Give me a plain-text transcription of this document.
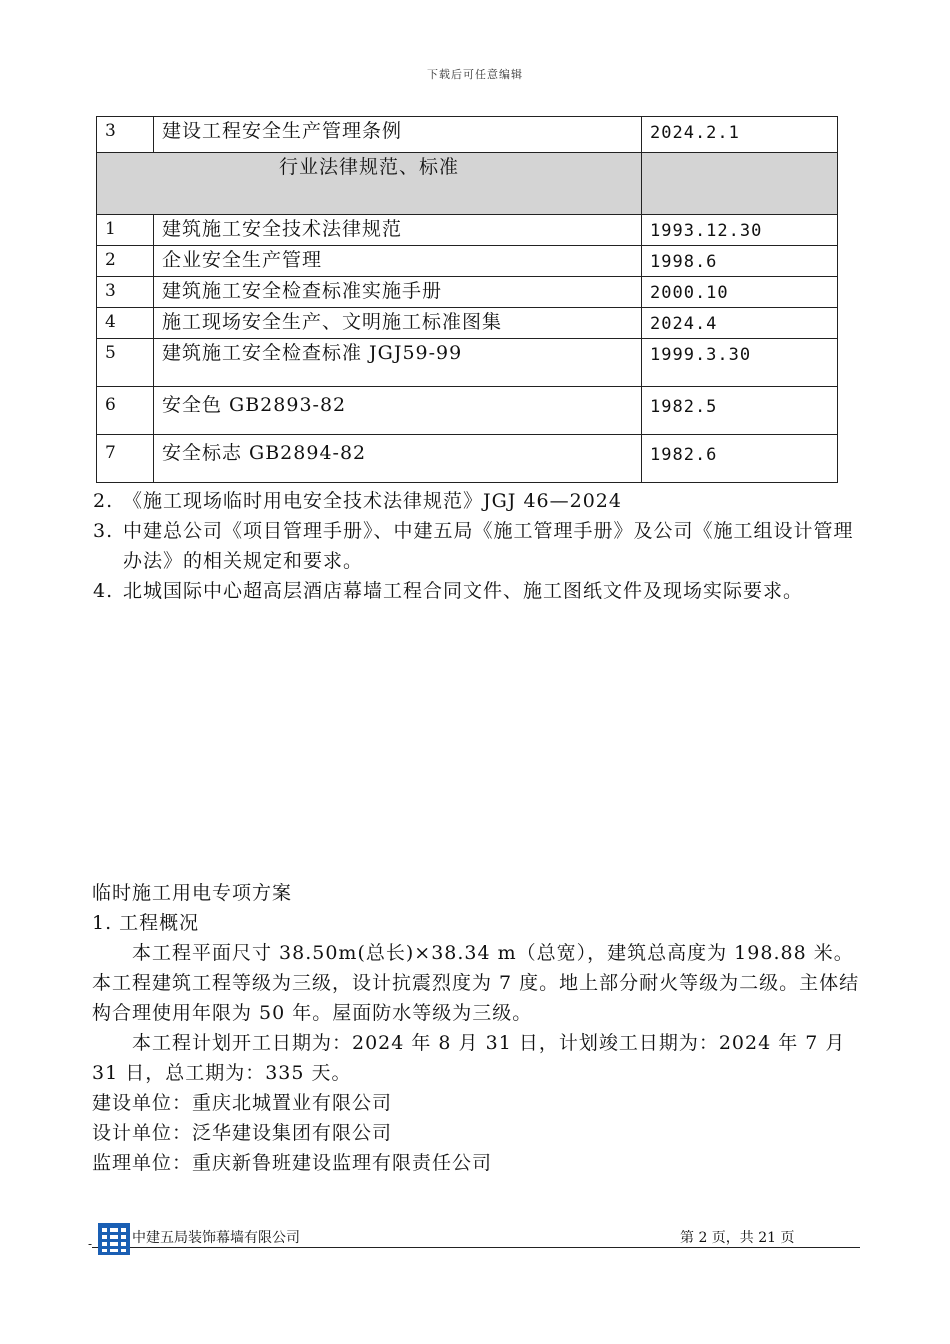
下载后可任意编辑
3	建设工程安全生产管理条例	2024.2.1
行业法律规范、标准		
1	建筑施工安全技术法律规范	1993.12.30
2	企业安全生产管理	1998.6
3	建筑施工安全检查标准实施手册	2000.10
4	施工现场安全生产、文明施工标准图集	2024.4
5	建筑施工安全检查标准 JGJ59-99	1999.3.30
6	安全色 GB2893-82	1982.5
7	安全标志 GB2894-82	1982.6
2. 《施工现场临时用电安全技术法律规范》JGJ 46—2024
3. 中建总公司《项目管理手册》、中建五局《施工管理手册》及公司《施工组设计管理办法》的相关规定和要求。
4. 北城国际中心超高层酒店幕墙工程合同文件、施工图纸文件及现场实际要求。
临时施工用电专项方案
1. 工程概况
本工程平面尺寸 38.50m(总长)×38.34 m（总宽），建筑总高度为 198.88 米。本工程建筑工程等级为三级，设计抗震烈度为 7 度。地上部分耐火等级为二级。主体结构合理使用年限为 50 年。屋面防水等级为三级。
本工程计划开工日期为：2024 年 8 月 31 日，计划竣工日期为：2024 年 7 月 31 日，总工期为：335 天。
建设单位：重庆北城置业有限公司
设计单位：泛华建设集团有限公司
监理单位：重庆新鲁班建设监理有限责任公司
-	中建五局装饰幕墙有限公司	第 2 页，共 21 页
